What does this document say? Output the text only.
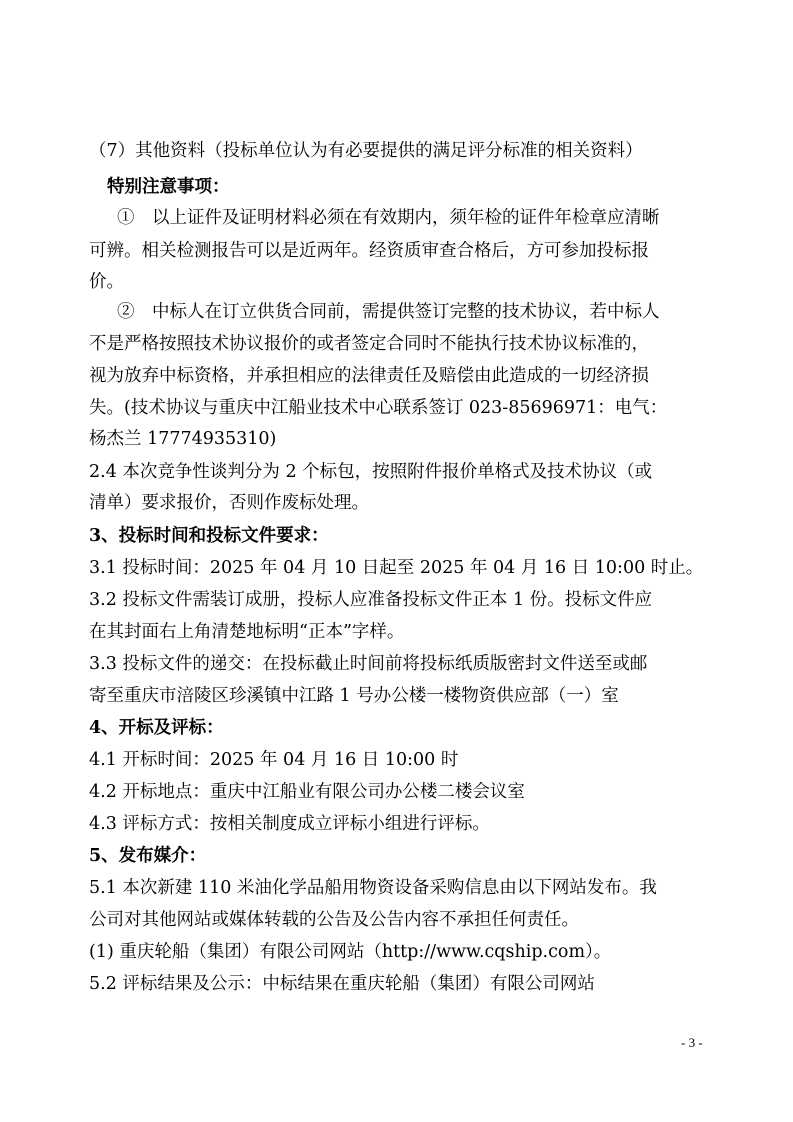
（7）其他资料（投标单位认为有必要提供的满足评分标准的相关资料）
特别注意事项：
①　以上证件及证明材料必须在有效期内，须年检的证件年检章应清晰
可辨。相关检测报告可以是近两年。经资质审查合格后，方可参加投标报
价。
②　中标人在订立供货合同前，需提供签订完整的技术协议，若中标人
不是严格按照技术协议报价的或者签定合同时不能执行技术协议标准的，
视为放弃中标资格，并承担相应的法律责任及赔偿由此造成的一切经济损
失。(技术协议与重庆中江船业技术中心联系签订 023-85696971：电气：
杨杰兰 17774935310)
2.4 本次竞争性谈判分为 2 个标包，按照附件报价单格式及技术协议（或
清单）要求报价，否则作废标处理。
3、投标时间和投标文件要求：
3.1 投标时间：2025 年 04 月 10 日起至 2025 年 04 月 16 日 10:00 时止。
3.2 投标文件需装订成册，投标人应准备投标文件正本 1 份。投标文件应
在其封面右上角清楚地标明“正本”字样。
3.3 投标文件的递交：在投标截止时间前将投标纸质版密封文件送至或邮
寄至重庆市涪陵区珍溪镇中江路 1 号办公楼一楼物资供应部（一）室
4、开标及评标：
4.1 开标时间：2025 年 04 月 16 日 10:00 时
4.2 开标地点：重庆中江船业有限公司办公楼二楼会议室
4.3 评标方式：按相关制度成立评标小组进行评标。
5、发布媒介：
5.1 本次新建 110 米油化学品船用物资设备采购信息由以下网站发布。我
公司对其他网站或媒体转载的公告及公告内容不承担任何责任。
(1) 重庆轮船（集团）有限公司网站（http://www.cqship.com）。
5.2 评标结果及公示：中标结果在重庆轮船（集团）有限公司网站
- 3 -
